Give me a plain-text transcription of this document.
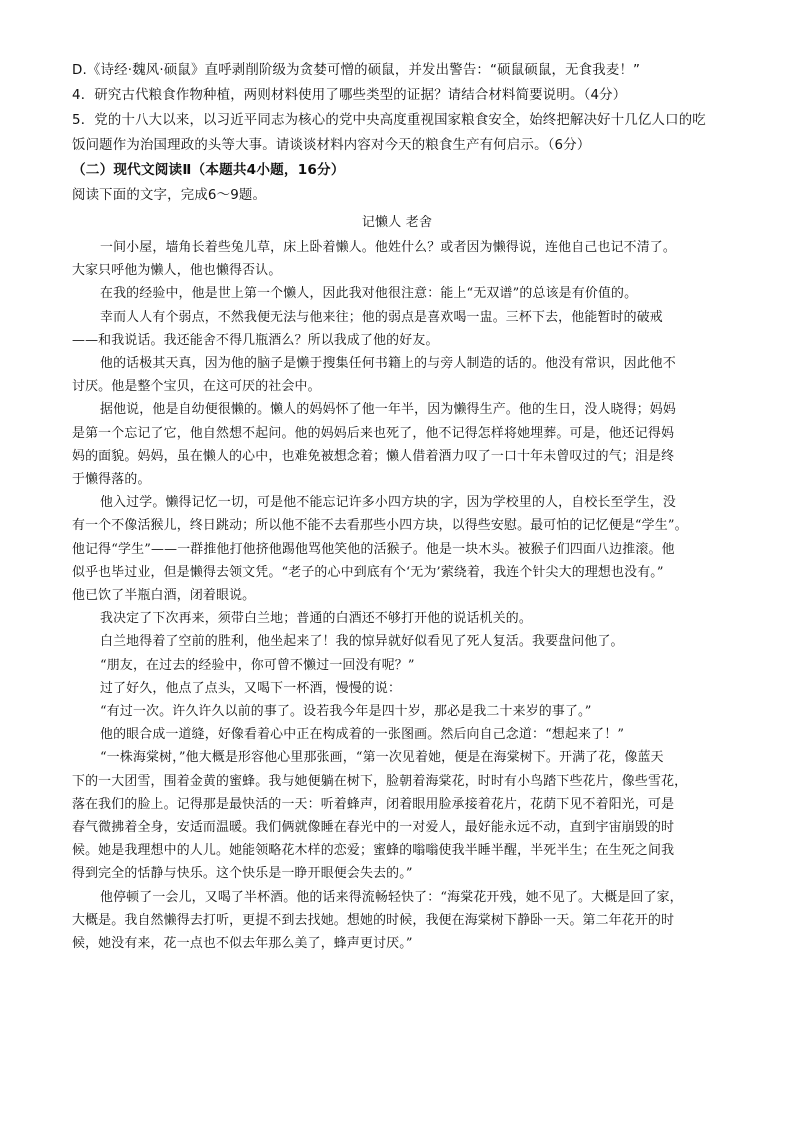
D.《诗经·魏风·硕鼠》直呼剥削阶级为贪婪可憎的硕鼠，并发出警告：“硕鼠硕鼠，无食我麦！”
4．研究古代粮食作物种植，两则材料使用了哪些类型的证据？请结合材料简要说明。（4分）
5．党的十八大以来，以习近平同志为核心的党中央高度重视国家粮食安全，始终把解决好十几亿人口的吃
饭问题作为治国理政的头等大事。请谈谈材料内容对今天的粮食生产有何启示。（6分）
（二）现代文阅读Ⅱ（本题共4小题，16分）
阅读下面的文字，完成6～9题。
记懒人 老舍
一间小屋，墙角长着些兔儿草，床上卧着懒人。他姓什么？或者因为懒得说，连他自己也记不清了。
大家只呼他为懒人，他也懒得否认。
在我的经验中，他是世上第一个懒人，因此我对他很注意：能上“无双谱”的总该是有价值的。
幸而人人有个弱点，不然我便无法与他来往；他的弱点是喜欢喝一盅。三杯下去，他能暂时的破戒
——和我说话。我还能舍不得几瓶酒么？所以我成了他的好友。
他的话极其天真，因为他的脑子是懒于搜集任何书籍上的与旁人制造的话的。他没有常识，因此他不
讨厌。他是整个宝贝，在这可厌的社会中。
据他说，他是自幼便很懒的。懒人的妈妈怀了他一年半，因为懒得生产。他的生日，没人晓得；妈妈
是第一个忘记了它，他自然想不起问。他的妈妈后来也死了，他不记得怎样将她埋葬。可是，他还记得妈
妈的面貌。妈妈，虽在懒人的心中，也难免被想念着；懒人借着酒力叹了一口十年未曾叹过的气；泪是终
于懒得落的。
他入过学。懒得记忆一切，可是他不能忘记许多小四方块的字，因为学校里的人，自校长至学生，没
有一个不像活猴儿，终日跳动；所以他不能不去看那些小四方块，以得些安慰。最可怕的记忆便是“学生”。
他记得“学生”——一群推他打他挤他踢他骂他笑他的活猴子。他是一块木头。被猴子们四面八边推滚。他
似乎也毕过业，但是懒得去领文凭。“老子的心中到底有个‘无为’萦绕着，我连个针尖大的理想也没有。”
他已饮了半瓶白酒，闭着眼说。
我决定了下次再来，须带白兰地；普通的白酒还不够打开他的说话机关的。
白兰地得着了空前的胜利，他坐起来了！我的惊异就好似看见了死人复活。我要盘问他了。
“朋友，在过去的经验中，你可曾不懒过一回没有呢？”
过了好久，他点了点头，又喝下一杯酒，慢慢的说：
“有过一次。许久许久以前的事了。设若我今年是四十岁，那必是我二十来岁的事了。”
他的眼合成一道缝，好像看着心中正在构成着的一张图画。然后向自己念道：“想起来了！”
“一株海棠树，”他大概是形容他心里那张画，“第一次见着她，便是在海棠树下。开满了花，像蓝天
下的一大团雪，围着金黄的蜜蜂。我与她便躺在树下，脸朝着海棠花，时时有小鸟踏下些花片，像些雪花，
落在我们的脸上。记得那是最快活的一天：听着蜂声，闭着眼用脸承接着花片，花荫下见不着阳光，可是
春气微拂着全身，安适而温暖。我们俩就像睡在春光中的一对爱人，最好能永远不动，直到宇宙崩毁的时
候。她是我理想中的人儿。她能领略花木样的恋爱；蜜蜂的嗡嗡使我半睡半醒，半死半生；在生死之间我
得到完全的恬静与快乐。这个快乐是一睁开眼便会失去的。”
他停顿了一会儿，又喝了半杯酒。他的话来得流畅轻快了：“海棠花开残，她不见了。大概是回了家，
大概是。我自然懒得去打听，更提不到去找她。想她的时候，我便在海棠树下静卧一天。第二年花开的时
候，她没有来，花一点也不似去年那么美了，蜂声更讨厌。”
